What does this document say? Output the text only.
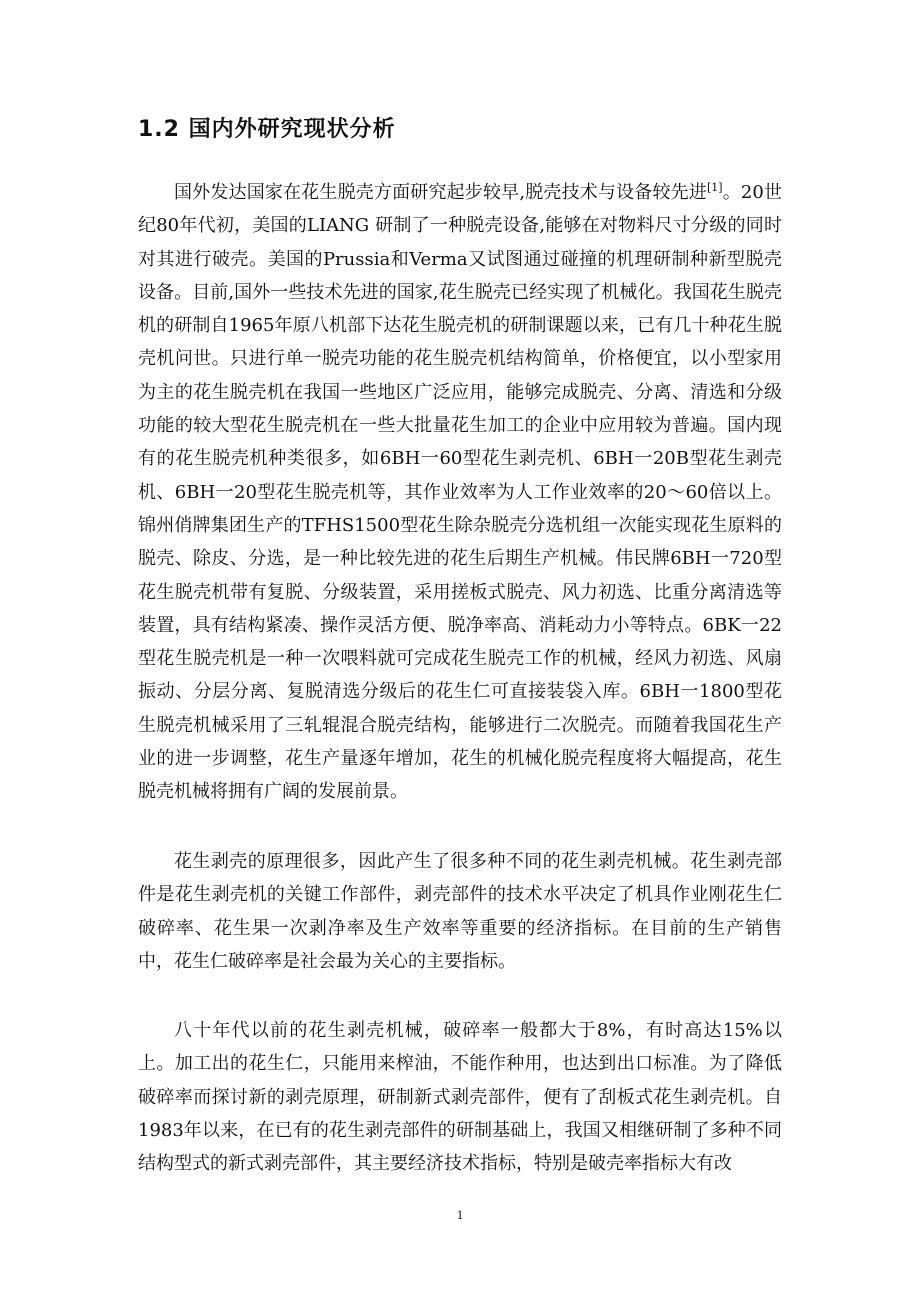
1.2 国内外研究现状分析

国外发达国家在花生脱壳方面研究起步较早,脱壳技术与设备较先进[1]。20世纪80年代初，美国的LIANG 研制了一种脱壳设备,能够在对物料尺寸分级的同时对其进行破壳。美国的Prussia和Verma又试图通过碰撞的机理研制种新型脱壳设备。目前,国外一些技术先进的国家,花生脱壳已经实现了机械化。我国花生脱壳机的研制自1965年原八机部下达花生脱壳机的研制课题以来，已有几十种花生脱壳机问世。只进行单一脱壳功能的花生脱壳机结构简单，价格便宜，以小型家用为主的花生脱壳机在我国一些地区广泛应用，能够完成脱壳、分离、清选和分级功能的较大型花生脱壳机在一些大批量花生加工的企业中应用较为普遍。国内现有的花生脱壳机种类很多，如6BH一60型花生剥壳机、6BH一20B型花生剥壳机、6BH一20型花生脱壳机等，其作业效率为人工作业效率的20～60倍以上。锦州俏牌集团生产的TFHS1500型花生除杂脱壳分选机组一次能实现花生原料的脱壳、除皮、分选，是一种比较先进的花生后期生产机械。伟民牌6BH一720型花生脱壳机带有复脱、分级装置，采用搓板式脱壳、风力初选、比重分离清选等装置，具有结构紧凑、操作灵活方便、脱净率高、消耗动力小等特点。6BK一22型花生脱壳机是一种一次喂料就可完成花生脱壳工作的机械，经风力初选、风扇振动、分层分离、复脱清选分级后的花生仁可直接装袋入库。6BH一1800型花生脱壳机械采用了三轧辊混合脱壳结构，能够进行二次脱壳。而随着我国花生产业的进一步调整，花生产量逐年增加，花生的机械化脱壳程度将大幅提高，花生脱壳机械将拥有广阔的发展前景。

花生剥壳的原理很多，因此产生了很多种不同的花生剥壳机械。花生剥壳部件是花生剥壳机的关键工作部件，剥壳部件的技术水平决定了机具作业刚花生仁破碎率、花生果一次剥净率及生产效率等重要的经济指标。在目前的生产销售中，花生仁破碎率是社会最为关心的主要指标。

八十年代以前的花生剥壳机械，破碎率一般都大于8%，有时高达15%以上。加工出的花生仁，只能用来榨油，不能作种用，也达到出口标准。为了降低破碎率而探讨新的剥壳原理，研制新式剥壳部件，便有了刮板式花生剥壳机。自1983年以来，在已有的花生剥壳部件的研制基础上，我国又相继研制了多种不同结构型式的新式剥壳部件，其主要经济技术指标，特别是破壳率指标大有改

1
